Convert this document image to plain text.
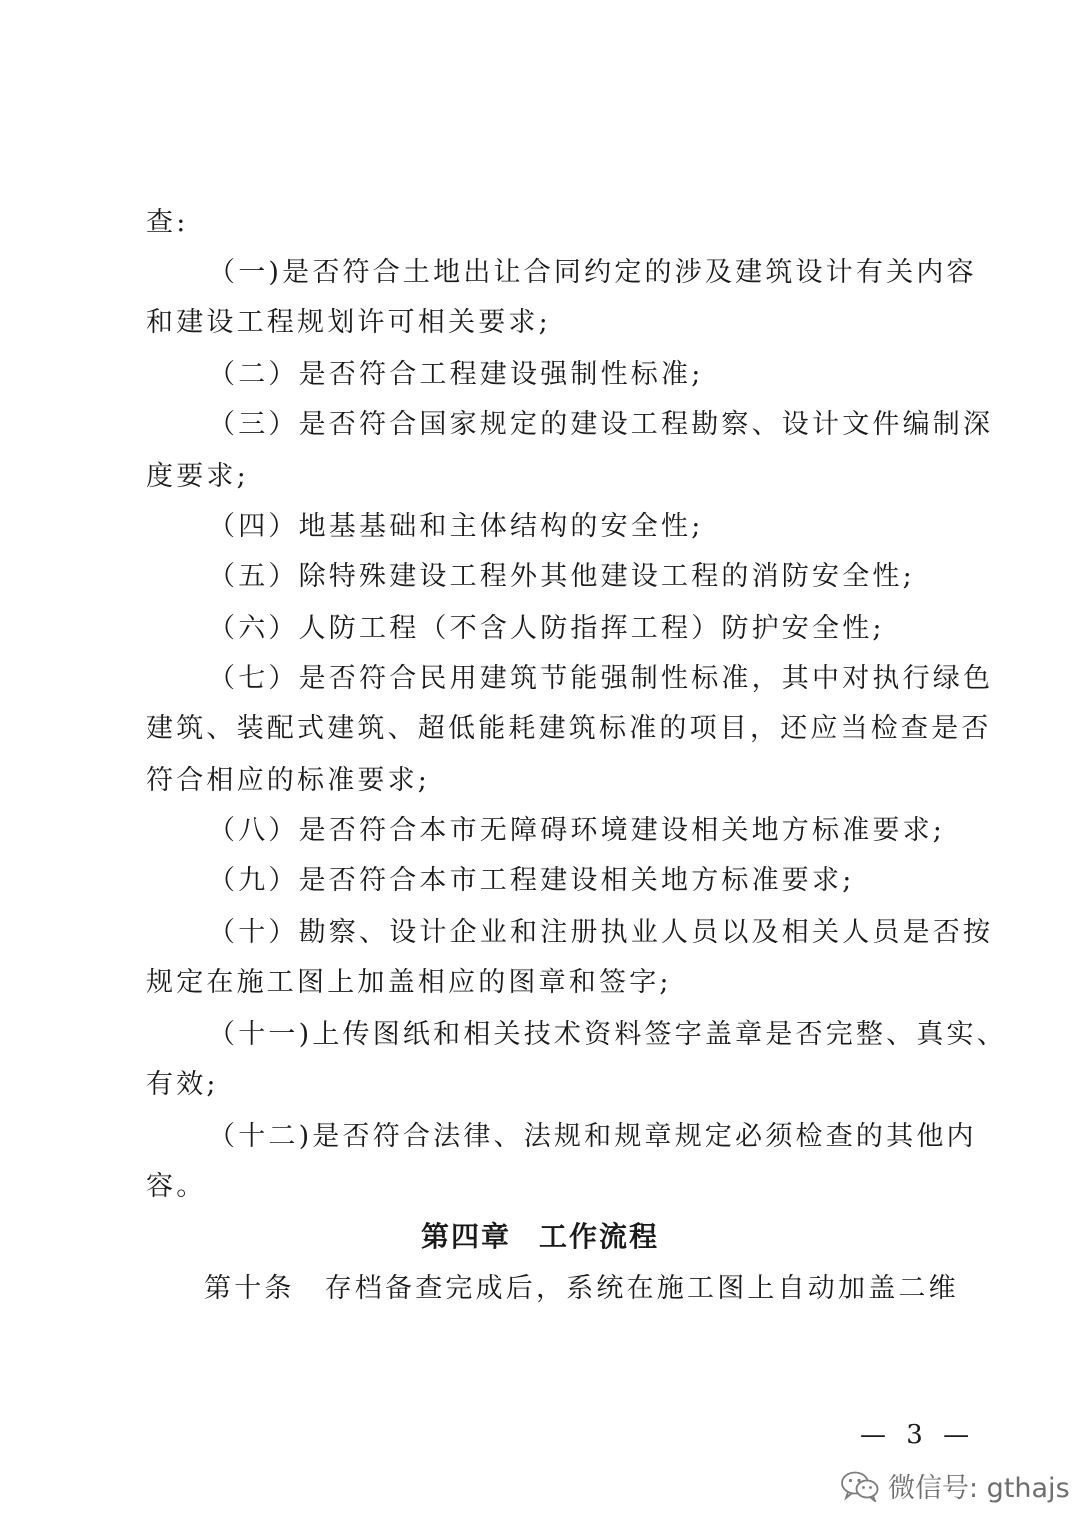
查:
（一)是否符合土地出让合同约定的涉及建筑设计有关内容
和建设工程规划许可相关要求;
（二）是否符合工程建设强制性标准;
（三）是否符合国家规定的建设工程勘察、设计文件编制深
度要求;
（四）地基基础和主体结构的安全性;
（五）除特殊建设工程外其他建设工程的消防安全性;
（六）人防工程（不含人防指挥工程）防护安全性;
（七）是否符合民用建筑节能强制性标准，其中对执行绿色
建筑、装配式建筑、超低能耗建筑标准的项目，还应当检查是否
符合相应的标准要求;
（八）是否符合本市无障碍环境建设相关地方标准要求;
（九）是否符合本市工程建设相关地方标准要求;
（十）勘察、设计企业和注册执业人员以及相关人员是否按
规定在施工图上加盖相应的图章和签字;
（十一)上传图纸和相关技术资料签字盖章是否完整、真实、
有效;
（十二)是否符合法律、法规和规章规定必须检查的其他内
容。
第四章 工作流程
第十条 存档备查完成后，系统在施工图上自动加盖二维
— 3 —
微信号: gthajs
